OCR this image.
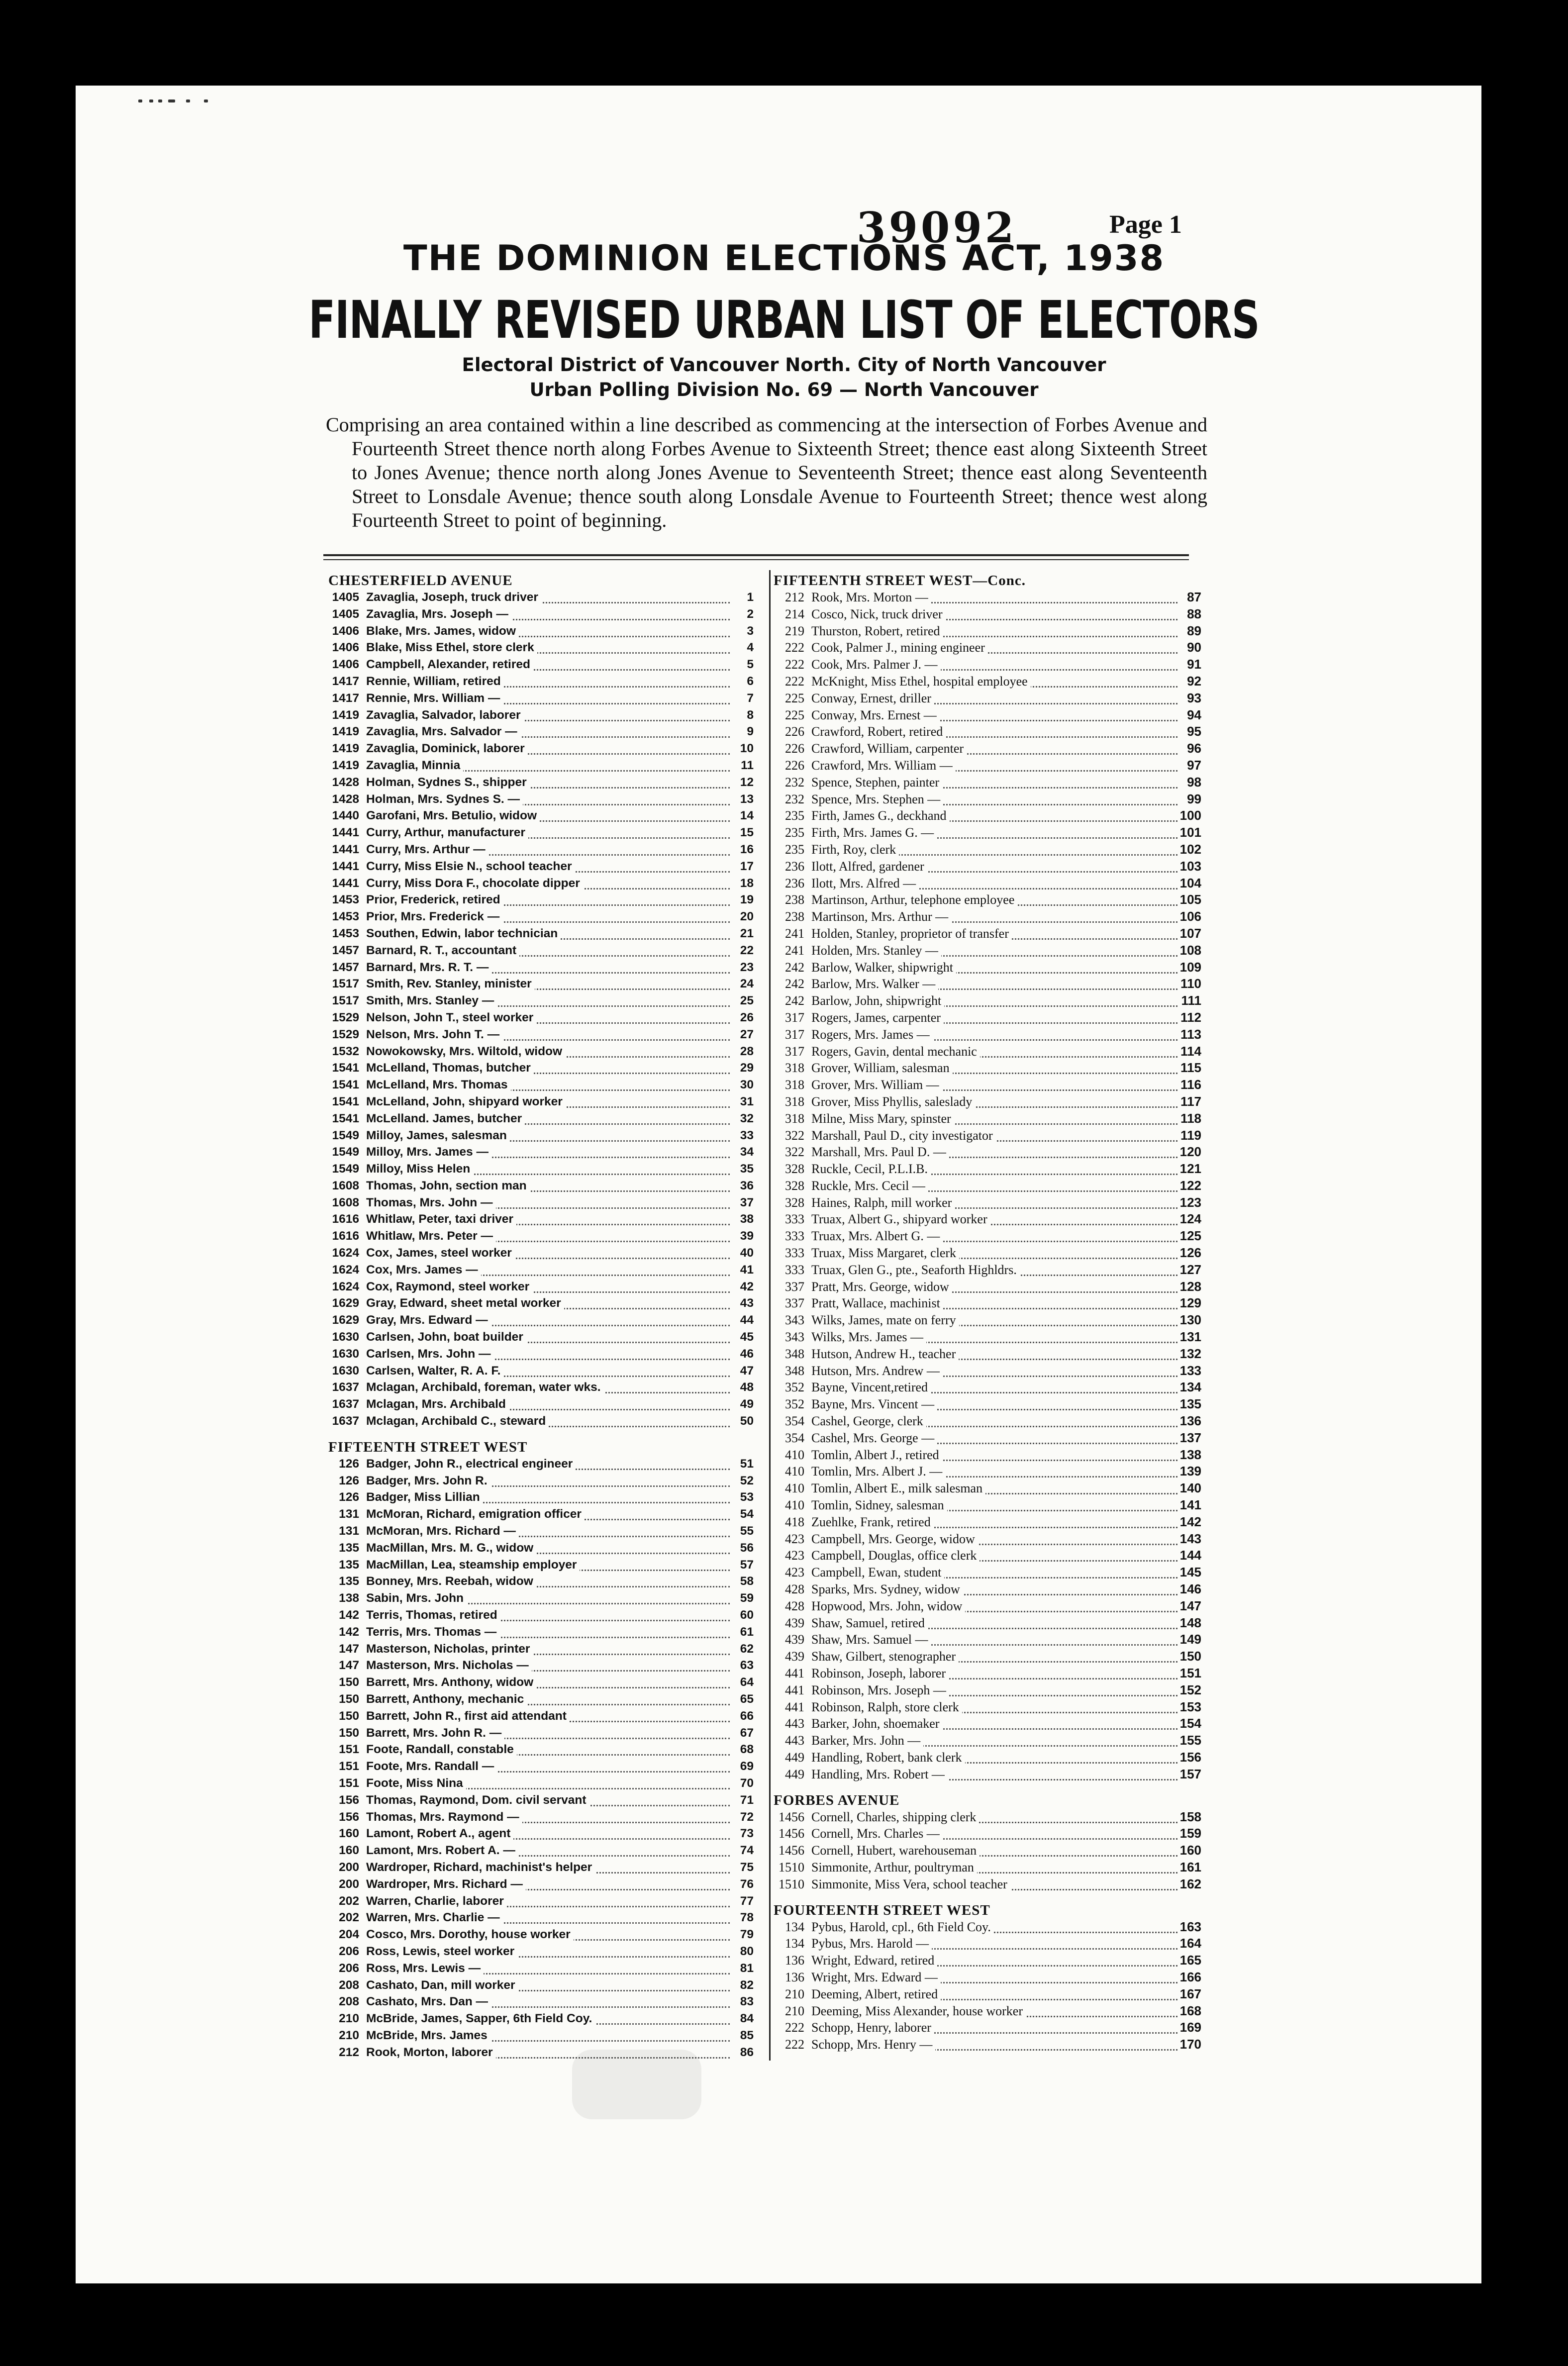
39092	Page 1
THE DOMINION ELECTIONS ACT, 1938
FINALLY REVISED URBAN LIST OF ELECTORS
Electoral District of Vancouver North. City of North Vancouver
Urban Polling Division No. 69 — North Vancouver
Comprising an area contained within a line described as commencing at the intersection of Forbes Avenue and Fourteenth Street thence north along Forbes Avenue to Sixteenth Street; thence east along Sixteenth Street to Jones Avenue; thence north along Jones Avenue to Seventeenth Street; thence east along Seventeenth Street to Lonsdale Avenue; thence south along Lonsdale Avenue to Fourteenth Street; thence west along Fourteenth Street to point of beginning.
CHESTERFIELD AVENUE
1405 Zavaglia, Joseph, truck driver	1
1405 Zavaglia, Mrs. Joseph —	2
1406 Blake, Mrs. James, widow	3
1406 Blake, Miss Ethel, store clerk	4
1406 Campbell, Alexander, retired	5
1417 Rennie, William, retired	6
1417 Rennie, Mrs. William —	7
1419 Zavaglia, Salvador, laborer	8
1419 Zavaglia, Mrs. Salvador —	9
1419 Zavaglia, Dominick, laborer	10
1419 Zavaglia, Minnia	11
1428 Holman, Sydnes S., shipper	12
1428 Holman, Mrs. Sydnes S. —	13
1440 Garofani, Mrs. Betulio, widow	14
1441 Curry, Arthur, manufacturer	15
1441 Curry, Mrs. Arthur —	16
1441 Curry, Miss Elsie N., school teacher	17
1441 Curry, Miss Dora F., chocolate dipper	18
1453 Prior, Frederick, retired	19
1453 Prior, Mrs. Frederick —	20
1453 Southen, Edwin, labor technician	21
1457 Barnard, R. T., accountant	22
1457 Barnard, Mrs. R. T. —	23
1517 Smith, Rev. Stanley, minister	24
1517 Smith, Mrs. Stanley —	25
1529 Nelson, John T., steel worker	26
1529 Nelson, Mrs. John T. —	27
1532 Nowokowsky, Mrs. Wiltold, widow	28
1541 McLelland, Thomas, butcher	29
1541 McLelland, Mrs. Thomas	30
1541 McLelland, John, shipyard worker	31
1541 McLelland. James, butcher	32
1549 Milloy, James, salesman	33
1549 Milloy, Mrs. James —	34
1549 Milloy, Miss Helen	35
1608 Thomas, John, section man	36
1608 Thomas, Mrs. John —	37
1616 Whitlaw, Peter, taxi driver	38
1616 Whitlaw, Mrs. Peter —	39
1624 Cox, James, steel worker	40
1624 Cox, Mrs. James —	41
1624 Cox, Raymond, steel worker	42
1629 Gray, Edward, sheet metal worker	43
1629 Gray, Mrs. Edward —	44
1630 Carlsen, John, boat builder	45
1630 Carlsen, Mrs. John —	46
1630 Carlsen, Walter, R. A. F.	47
1637 Mclagan, Archibald, foreman, water wks.	48
1637 Mclagan, Mrs. Archibald	49
1637 Mclagan, Archibald C., steward	50
FIFTEENTH STREET WEST
126 Badger, John R., electrical engineer	51
126 Badger, Mrs. John R.	52
126 Badger, Miss Lillian	53
131 McMoran, Richard, emigration officer	54
131 McMoran, Mrs. Richard —	55
135 MacMillan, Mrs. M. G., widow	56
135 MacMillan, Lea, steamship employer	57
135 Bonney, Mrs. Reebah, widow	58
138 Sabin, Mrs. John	59
142 Terris, Thomas, retired	60
142 Terris, Mrs. Thomas —	61
147 Masterson, Nicholas, printer	62
147 Masterson, Mrs. Nicholas —	63
150 Barrett, Mrs. Anthony, widow	64
150 Barrett, Anthony, mechanic	65
150 Barrett, John R., first aid attendant	66
150 Barrett, Mrs. John R. —	67
151 Foote, Randall, constable	68
151 Foote, Mrs. Randall —	69
151 Foote, Miss Nina	70
156 Thomas, Raymond, Dom. civil servant	71
156 Thomas, Mrs. Raymond —	72
160 Lamont, Robert A., agent	73
160 Lamont, Mrs. Robert A. —	74
200 Wardroper, Richard, machinist's helper	75
200 Wardroper, Mrs. Richard —	76
202 Warren, Charlie, laborer	77
202 Warren, Mrs. Charlie —	78
204 Cosco, Mrs. Dorothy, house worker	79
206 Ross, Lewis, steel worker	80
206 Ross, Mrs. Lewis —	81
208 Cashato, Dan, mill worker	82
208 Cashato, Mrs. Dan —	83
210 McBride, James, Sapper, 6th Field Coy.	84
210 McBride, Mrs. James	85
212 Rook, Morton, laborer	86
FIFTEENTH STREET WEST—Conc.
212 Rook, Mrs. Morton —	87
214 Cosco, Nick, truck driver	88
219 Thurston, Robert, retired	89
222 Cook, Palmer J., mining engineer	90
222 Cook, Mrs. Palmer J. —	91
222 McKnight, Miss Ethel, hospital employee	92
225 Conway, Ernest, driller	93
225 Conway, Mrs. Ernest —	94
226 Crawford, Robert, retired	95
226 Crawford, William, carpenter	96
226 Crawford, Mrs. William —	97
232 Spence, Stephen, painter	98
232 Spence, Mrs. Stephen —	99
235 Firth, James G., deckhand	100
235 Firth, Mrs. James G. —	101
235 Firth, Roy, clerk	102
236 Ilott, Alfred, gardener	103
236 Ilott, Mrs. Alfred —	104
238 Martinson, Arthur, telephone employee	105
238 Martinson, Mrs. Arthur —	106
241 Holden, Stanley, proprietor of transfer	107
241 Holden, Mrs. Stanley —	108
242 Barlow, Walker, shipwright	109
242 Barlow, Mrs. Walker —	110
242 Barlow, John, shipwright	111
317 Rogers, James, carpenter	112
317 Rogers, Mrs. James —	113
317 Rogers, Gavin, dental mechanic	114
318 Grover, William, salesman	115
318 Grover, Mrs. William —	116
318 Grover, Miss Phyllis, saleslady	117
318 Milne, Miss Mary, spinster	118
322 Marshall, Paul D., city investigator	119
322 Marshall, Mrs. Paul D. —	120
328 Ruckle, Cecil, P.L.I.B.	121
328 Ruckle, Mrs. Cecil —	122
328 Haines, Ralph, mill worker	123
333 Truax, Albert G., shipyard worker	124
333 Truax, Mrs. Albert G. —	125
333 Truax, Miss Margaret, clerk	126
333 Truax, Glen G., pte., Seaforth Highldrs.	127
337 Pratt, Mrs. George, widow	128
337 Pratt, Wallace, machinist	129
343 Wilks, James, mate on ferry	130
343 Wilks, Mrs. James —	131
348 Hutson, Andrew H., teacher	132
348 Hutson, Mrs. Andrew —	133
352 Bayne, Vincent,retired	134
352 Bayne, Mrs. Vincent —	135
354 Cashel, George, clerk	136
354 Cashel, Mrs. George —	137
410 Tomlin, Albert J., retired	138
410 Tomlin, Mrs. Albert J. —	139
410 Tomlin, Albert E., milk salesman	140
410 Tomlin, Sidney, salesman	141
418 Zuehlke, Frank, retired	142
423 Campbell, Mrs. George, widow	143
423 Campbell, Douglas, office clerk	144
423 Campbell, Ewan, student	145
428 Sparks, Mrs. Sydney, widow	146
428 Hopwood, Mrs. John, widow	147
439 Shaw, Samuel, retired	148
439 Shaw, Mrs. Samuel —	149
439 Shaw, Gilbert, stenographer	150
441 Robinson, Joseph, laborer	151
441 Robinson, Mrs. Joseph —	152
441 Robinson, Ralph, store clerk	153
443 Barker, John, shoemaker	154
443 Barker, Mrs. John —	155
449 Handling, Robert, bank clerk	156
449 Handling, Mrs. Robert —	157
FORBES AVENUE
1456 Cornell, Charles, shipping clerk	158
1456 Cornell, Mrs. Charles —	159
1456 Cornell, Hubert, warehouseman	160
1510 Simmonite, Arthur, poultryman	161
1510 Simmonite, Miss Vera, school teacher	162
FOURTEENTH STREET WEST
134 Pybus, Harold, cpl., 6th Field Coy.	163
134 Pybus, Mrs. Harold —	164
136 Wright, Edward, retired	165
136 Wright, Mrs. Edward —	166
210 Deeming, Albert, retired	167
210 Deeming, Miss Alexander, house worker	168
222 Schopp, Henry, laborer	169
222 Schopp, Mrs. Henry —	170
